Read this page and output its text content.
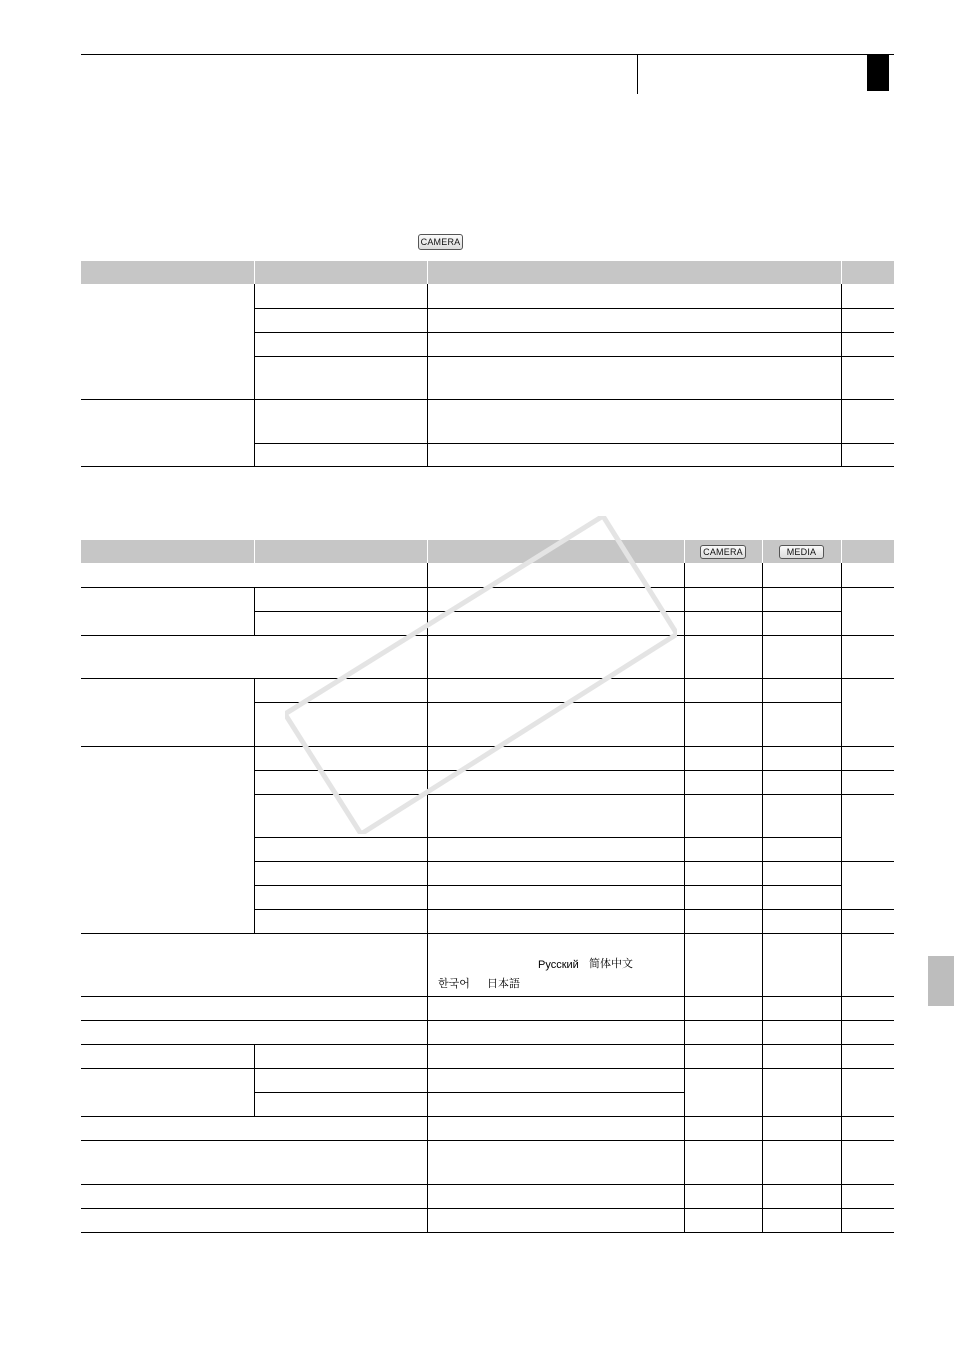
CAMERA
CAMERA	MEDIA
Русский 简体中文
한국어 日本語
